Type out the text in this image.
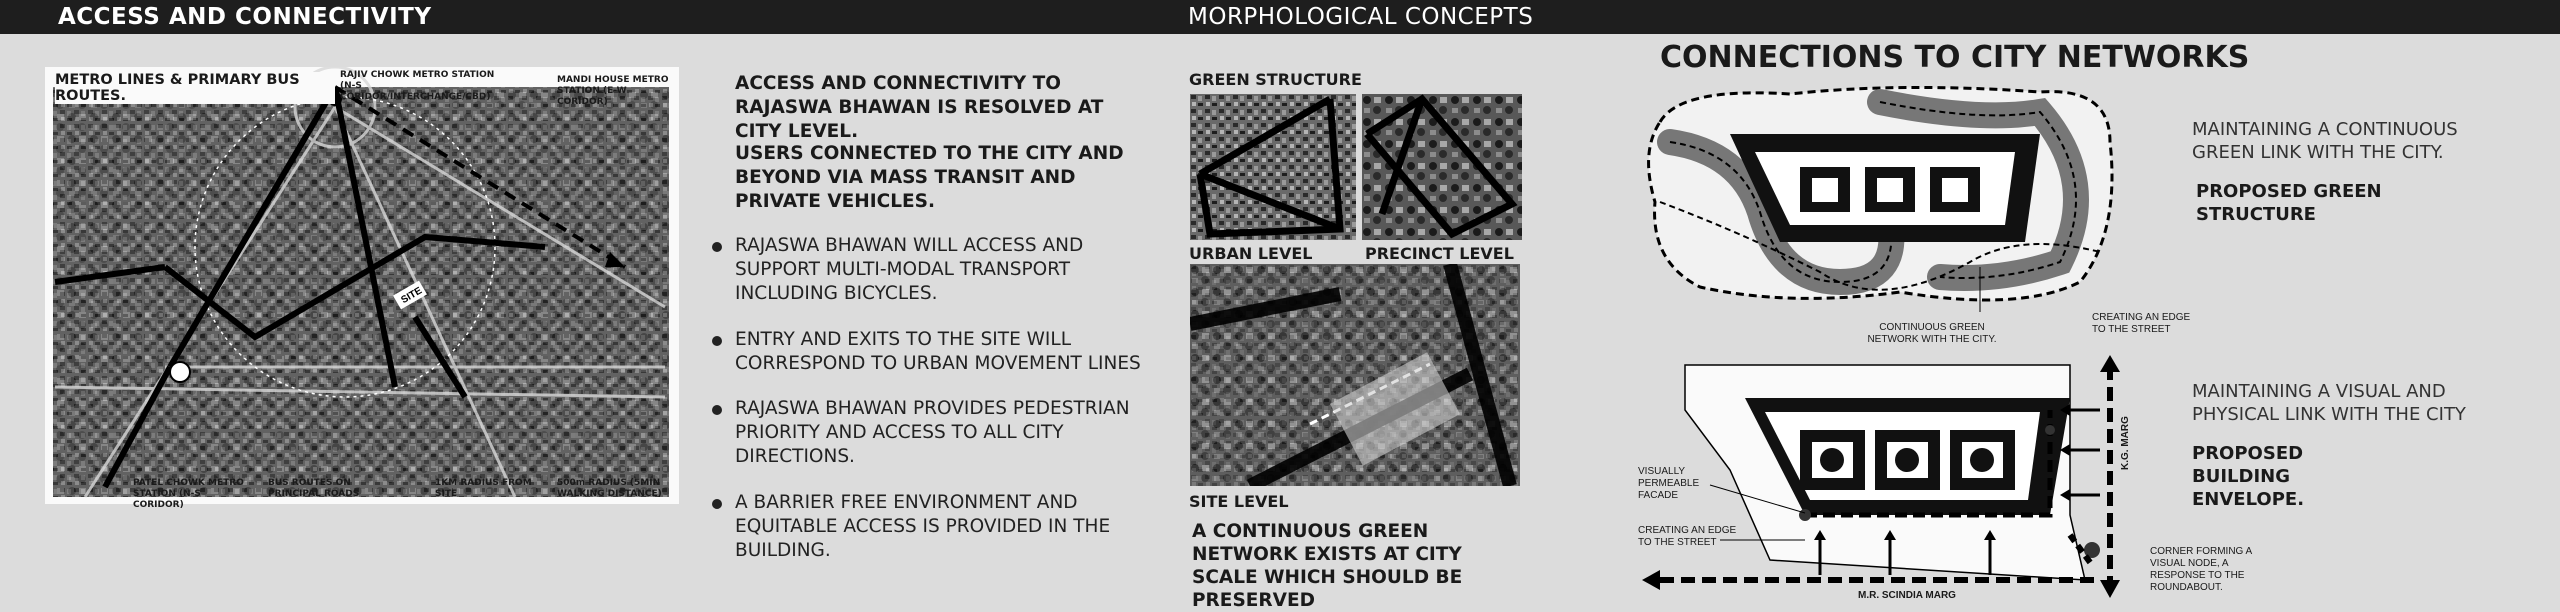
ACCESS AND CONNECTIVITY	MORPHOLOGICAL CONCEPTS
SITE
METRO LINES & PRIMARY BUS ROUTES.
RAJIV CHOWK METRO STATION (N-S CORIDOR/INTERCHANGE/CBD)
MANDI HOUSE METRO STATION (E-W CORIDOR)
PATEL CHOWK METRO STATION (N-S CORIDOR)
BUS ROUTES ON PRINCIPAL ROADS
1KM RADIUS FROM SITE
500m RADIUS (5MIN WALKING DISTANCE)
ACCESS AND CONNECTIVITY TO RAJASWA BHAWAN IS RESOLVED AT CITY LEVEL.
USERS CONNECTED TO THE CITY AND BEYOND VIA MASS TRANSIT AND PRIVATE VEHICLES.
RAJASWA BHAWAN WILL ACCESS AND SUPPORT MULTI-MODAL TRANSPORT INCLUDING BICYCLES.
ENTRY AND EXITS TO THE SITE WILL CORRESPOND TO URBAN MOVEMENT LINES
RAJASWA BHAWAN PROVIDES PEDESTRIAN PRIORITY AND ACCESS TO ALL CITY DIRECTIONS.
A BARRIER FREE ENVIRONMENT AND EQUITABLE ACCESS IS PROVIDED IN THE BUILDING.
GREEN STRUCTURE
URBAN LEVEL	PRECINCT LEVEL
SITE LEVEL
A CONTINUOUS GREEN NETWORK EXISTS AT CITY SCALE WHICH SHOULD BE PRESERVED
CONNECTIONS TO CITY NETWORKS
CONTINUOUS GREEN NETWORK WITH THE CITY.
MAINTAINING A CONTINUOUS GREEN LINK WITH THE CITY.
PROPOSED GREEN STRUCTURE
CREATING AN EDGE TO THE STREET
MAINTAINING A VISUAL AND PHYSICAL LINK WITH THE CITY
PROPOSED BUILDING ENVELOPE.
VISUALLY PERMEABLE FACADE
CREATING AN EDGE TO THE STREET
CORNER FORMING A VISUAL NODE, A RESPONSE TO THE ROUNDABOUT.
K.G. MARG
M.R. SCINDIA MARG
